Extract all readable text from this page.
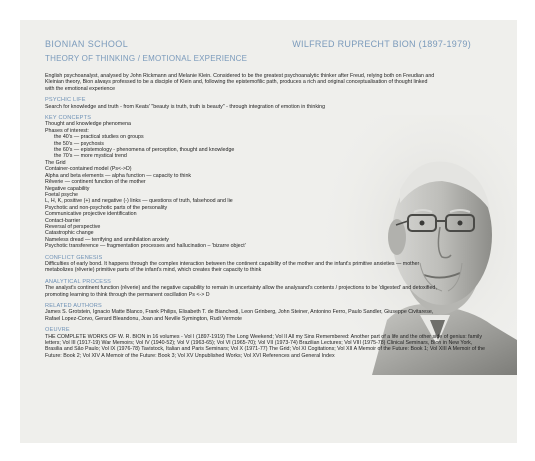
BIONIAN SCHOOL
THEORY OF THINKING / EMOTIONAL EXPERIENCE
WILFRED RUPRECHT BION (1897-1979)

English psychoanalyst, analysed by John Rickmann and Melanie Klein. Considered to be the greatest psychoanalytic thinker after Freud, relying both on Freudian and Kleinian theory, Bion always professed to be a disciple of Klein and, following the epistemofilic path, produces a rich and original conceptualisation of thought linked with the emotional experience

PSYCHIC LIFE

Search for knowledge and truth - from Keats' "beauty is truth, truth is beauty" - through integration of emotion in thinking

KEY CONCEPTS
Thought and knowledge phenomena
Phases of interest:
the 40's — practical studies on groups
the 50's — psychosis
the 60's — epistemology - phenomena of perception, thought and knowledge
the 70's — more mystical trend
The Grid
Container-contained model (Ps<->D)
Alpha and beta elements — alpha function — capacity to think
Rêverie — continent function of the mother
Negative capability
Foetal psyche
L, H, K, positive (+) and negative (-) links — questions of truth, falsehood and lie
Psychotic and non-psychotic parts of the personality
Communicative projective identification
Contact-barrier
Reversal of perspective
Catastrophic change
Nameless dread — terrifying and annihilation anxiety
Psychotic transference — fragmentation processes and hallucination – 'bizarre object'
CONFLICT GENESIS

Difficulties of early bond. It happens through the complex interaction between the continent capability of the mother and the infant's primitive anxieties — mother metabolizes (rêverie) primitive parts of the infant's mind, which creates their capacity to think

ANALYTICAL PROCESS

The analyst's continent function (rêverie) and the negative capability to remain in uncertainty allow the analysand's contents / projections to be 'digested' and detoxified, promoting learning to think through the permanent oscillation Ps <-> D

RELATED AUTHORS

James S. Grotstein, Ignacio Matte Blanco, Frank Philips, Elisabeth T. de Bianchedi, Leon Grinberg, John Steiner, Antonino Ferro, Paulo Sandler, Giuseppe Civitarese, Rafael Lopez-Corvo, Gerard Bleandonu, Joan and Neville Symington, Rudi Vermote

OEUVRE

THE COMPLETE WORKS OF W. R. BION in 16 volumes - Vol I (1897-1919) The Long Weekend; Vol II All my Sins Remembered: Another part of a life and the other side of genius: family letters; Vol III (1917-19) War Memoirs; Vol IV (1940-52); Vol V (1963-65); Vol VI (1965-70); Vol VII (1973-74) Brazilian Lectures; Vol VIII (1975-78) Clinical Seminars, Bion in New York, Brasilia and São Paulo; Vol IX (1976-78) Tavistock, Italian and Paris Seminars; Vol X (1971-77) The Grid; Vol XI Cogitations; Vol XII A Memoir of the Future: Book 1; Vol XIII A Memoir of the Future: Book 2; Vol XIV A Memoir of the Future: Book 3; Vol XV Unpublished Works; Vol XVI References and General Index
